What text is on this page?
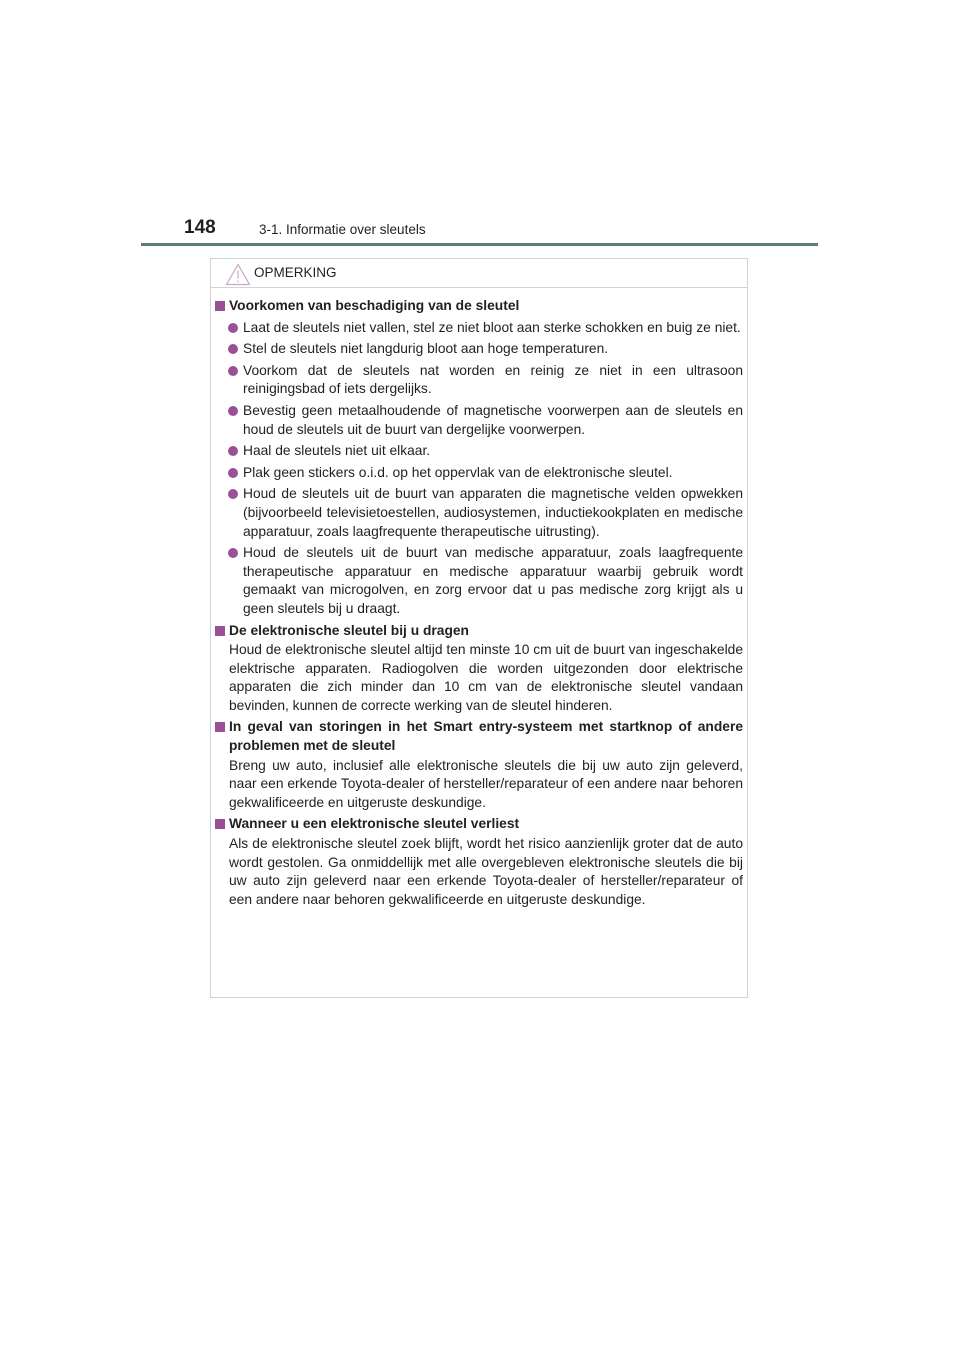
148	3-1. Informatie over sleutels
OPMERKING
Voorkomen van beschadiging van de sleutel
Laat de sleutels niet vallen, stel ze niet bloot aan sterke schokken en buig ze niet.
Stel de sleutels niet langdurig bloot aan hoge temperaturen.
Voorkom dat de sleutels nat worden en reinig ze niet in een ultrasoon reinigingsbad of iets dergelijks.
Bevestig geen metaalhoudende of magnetische voorwerpen aan de sleutels en houd de sleutels uit de buurt van dergelijke voorwerpen.
Haal de sleutels niet uit elkaar.
Plak geen stickers o.i.d. op het oppervlak van de elektronische sleutel.
Houd de sleutels uit de buurt van apparaten die magnetische velden opwekken (bijvoorbeeld televisietoestellen, audiosystemen, inductiekookplaten en medische apparatuur, zoals laagfrequente therapeutische uitrusting).
Houd de sleutels uit de buurt van medische apparatuur, zoals laagfrequente therapeutische apparatuur en medische apparatuur waarbij gebruik wordt gemaakt van microgolven, en zorg ervoor dat u pas medische zorg krijgt als u geen sleutels bij u draagt.
De elektronische sleutel bij u dragen
Houd de elektronische sleutel altijd ten minste 10 cm uit de buurt van ingeschakelde elektrische apparaten. Radiogolven die worden uitgezonden door elektrische apparaten die zich minder dan 10 cm van de elektronische sleutel vandaan bevinden, kunnen de correcte werking van de sleutel hinderen.
In geval van storingen in het Smart entry-systeem met startknop of andere problemen met de sleutel
Breng uw auto, inclusief alle elektronische sleutels die bij uw auto zijn geleverd, naar een erkende Toyota-dealer of hersteller/reparateur of een andere naar behoren gekwalificeerde en uitgeruste deskundige.
Wanneer u een elektronische sleutel verliest
Als de elektronische sleutel zoek blijft, wordt het risico aanzienlijk groter dat de auto wordt gestolen. Ga onmiddellijk met alle overgebleven elektronische sleutels die bij uw auto zijn geleverd naar een erkende Toyota-dealer of hersteller/reparateur of een andere naar behoren gekwalificeerde en uitgeruste deskundige.
